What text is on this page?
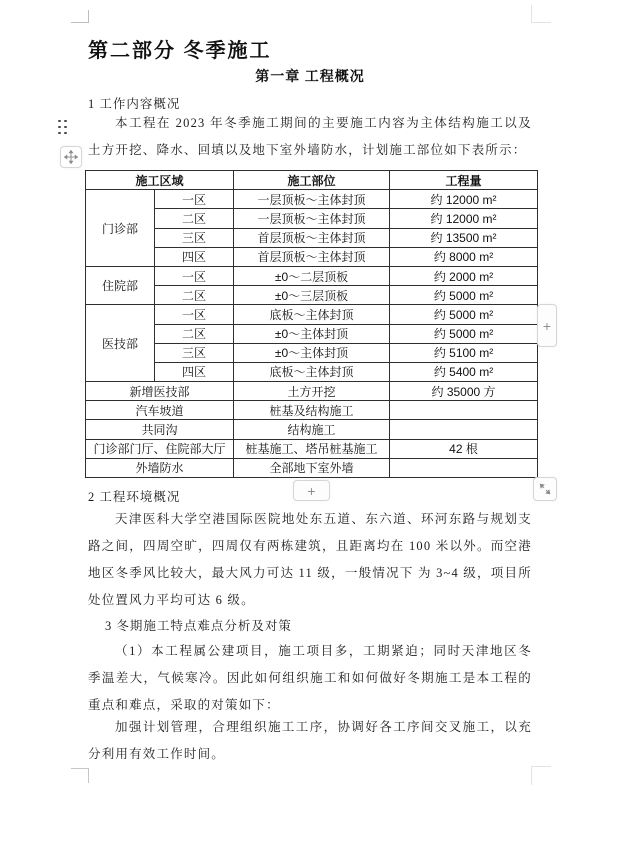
第二部分 冬季施工
第一章 工程概况
1 工作内容概况
本工程在 2023 年冬季施工期间的主要施工内容为主体结构施工以及土方开挖、降水、回填以及地下室外墙防水，计划施工部位如下表所示：
施工区域		施工部位	工程量
门诊部	一区	一层顶板～主体封顶	约 12000 m²
	二区	一层顶板～主体封顶	约 12000 m²
	三区	首层顶板～主体封顶	约 13500 m²
	四区	首层顶板～主体封顶	约 8000 m²
住院部	一区	±0～二层顶板	约 2000 m²
	二区	±0～三层顶板	约 5000 m²
医技部	一区	底板～主体封顶	约 5000 m²
	二区	±0～主体封顶	约 5000 m²
	三区	±0～主体封顶	约 5100 m²
	四区	底板～主体封顶	约 5400 m²
新增医技部		土方开挖	约 35000 方
汽车坡道		桩基及结构施工	
共同沟		结构施工	
门诊部门厅、住院部大厅		桩基施工、塔吊桩基施工	42 根
外墙防水		全部地下室外墙	
+
+
2 工程环境概况
天津医科大学空港国际医院地处东五道、东六道、环河东路与规划支路之间，四周空旷，四周仅有两栋建筑，且距离均在 100 米以外。而空港地区冬季风比较大，最大风力可达 11 级，一般情况下 为 3~4 级，项目所处位置风力平均可达 6 级。
3 冬期施工特点难点分析及对策
（1）本工程属公建项目，施工项目多，工期紧迫；同时天津地区冬季温差大，气候寒冷。因此如何组织施工和如何做好冬期施工是本工程的重点和难点，采取的对策如下：
加强计划管理，合理组织施工工序，协调好各工序间交叉施工，以充分利用有效工作时间。
